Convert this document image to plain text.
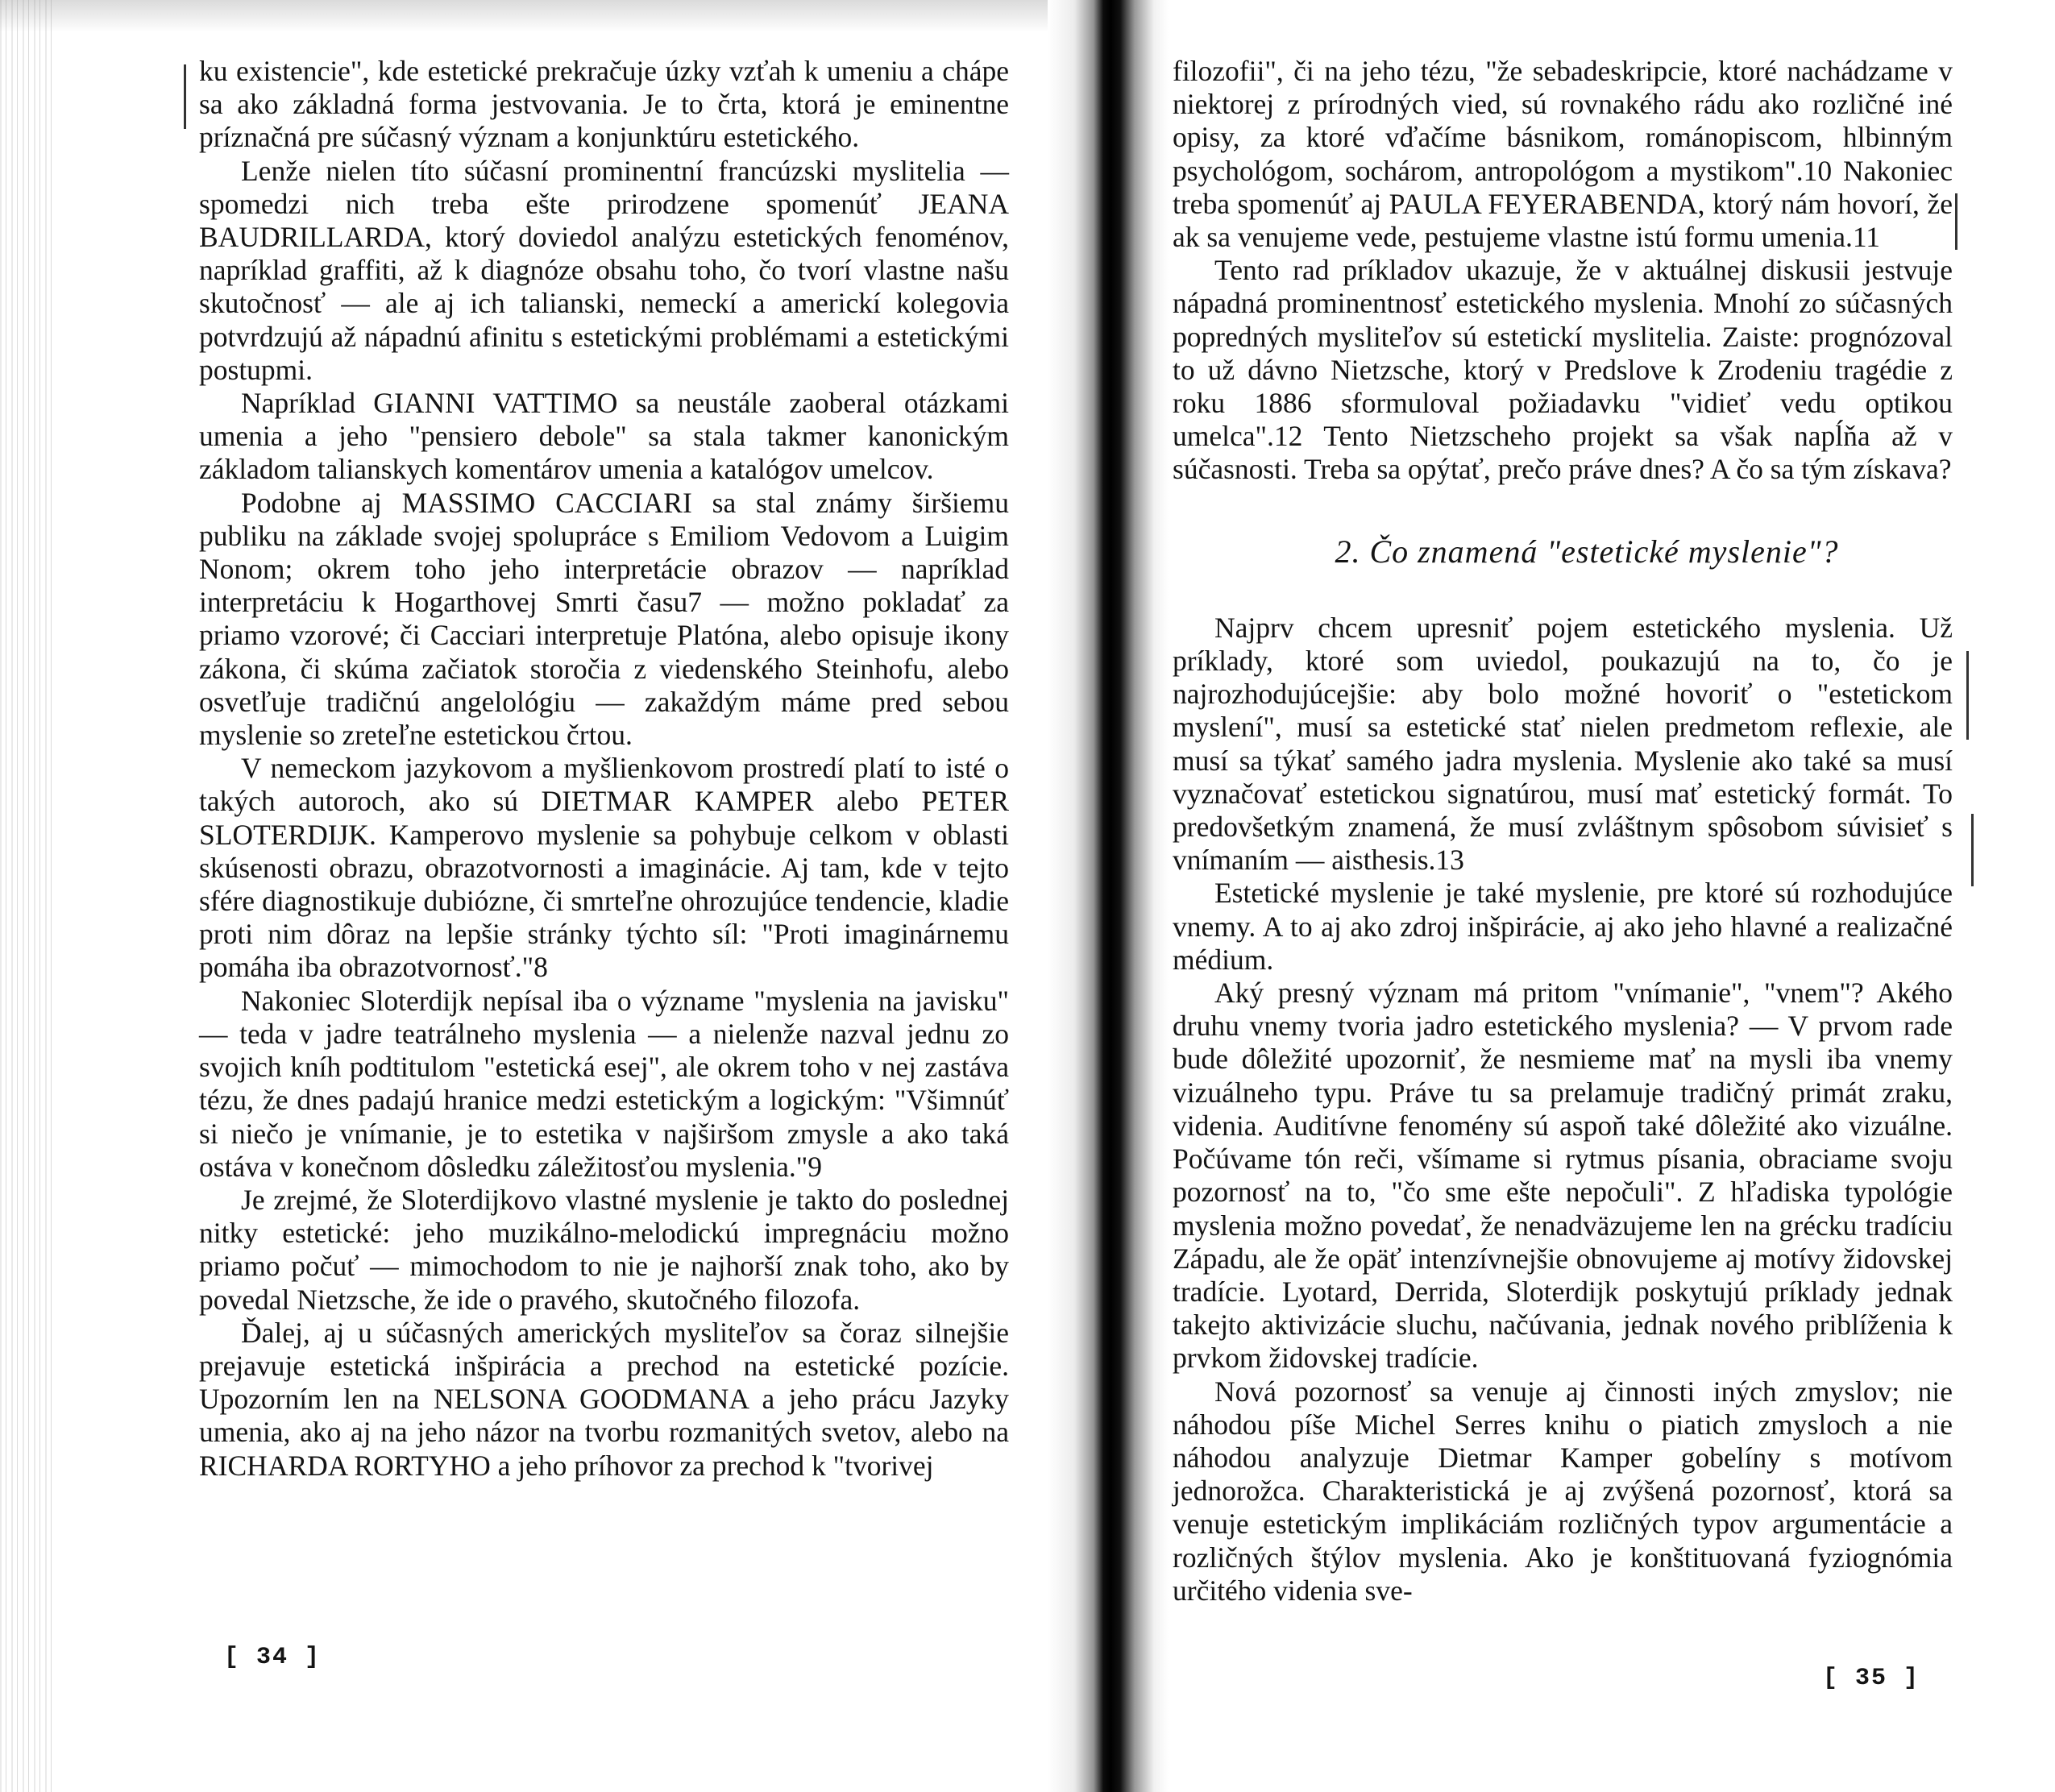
ku existencie", kde estetické prekračuje úzky vzťah k umeniu a chápe sa ako základná forma jestvovania. Je to črta, ktorá je eminentne príznačná pre súčasný význam a konjunktúru estetického.

Lenže nielen títo súčasní prominentní francúzski myslitelia — spomedzi nich treba ešte prirodzene spomenúť JEANA BAUDRILLARDA, ktorý doviedol analýzu estetických fenoménov, napríklad graffiti, až k diagnóze obsahu toho, čo tvorí vlastne našu skutočnosť — ale aj ich talianski, nemeckí a americkí kolegovia potvrdzujú až nápadnú afinitu s estetickými problémami a estetickými postupmi.

Napríklad GIANNI VATTIMO sa neustále zaoberal otázkami umenia a jeho "pensiero debole" sa stala takmer kanonickým základom talianskych komentárov umenia a katalógov umelcov.

Podobne aj MASSIMO CACCIARI sa stal známy širšiemu publiku na základe svojej spolupráce s Emiliom Vedovom a Luigim Nonom; okrem toho jeho interpretácie obrazov — napríklad interpretáciu k Hogarthovej Smrti času7 — možno pokladať za priamo vzorové; či Cacciari interpretuje Platóna, alebo opisuje ikony zákona, či skúma začiatok storočia z viedenského Steinhofu, alebo osvetľuje tradičnú angelológiu — zakaždým máme pred sebou myslenie so zreteľne estetickou črtou.

V nemeckom jazykovom a myšlienkovom prostredí platí to isté o takých autoroch, ako sú DIETMAR KAMPER alebo PETER SLOTERDIJK. Kamperovo myslenie sa pohybuje celkom v oblasti skúsenosti obrazu, obrazotvornosti a imaginácie. Aj tam, kde v tejto sfére diagnostikuje dubiózne, či smrteľne ohrozujúce tendencie, kladie proti nim dôraz na lepšie stránky týchto síl: "Proti imaginárnemu pomáha iba obrazotvornosť."8

Nakoniec Sloterdijk nepísal iba o význame "myslenia na javisku" — teda v jadre teatrálneho myslenia — a nielenže nazval jednu zo svojich kníh podtitulom "estetická esej", ale okrem toho v nej zastáva tézu, že dnes padajú hranice medzi estetickým a logickým: "Všimnúť si niečo je vnímanie, je to estetika v najširšom zmysle a ako taká ostáva v konečnom dôsledku záležitosťou myslenia."9

Je zrejmé, že Sloterdijkovo vlastné myslenie je takto do poslednej nitky estetické: jeho muzikálno-melodickú impregnáciu možno priamo počuť — mimochodom to nie je najhorší znak toho, ako by povedal Nietzsche, že ide o pravého, skutočného filozofa.

Ďalej, aj u súčasných amerických mysliteľov sa čoraz silnejšie prejavuje estetická inšpirácia a prechod na estetické pozície. Upozorním len na NELSONA GOODMANA a jeho prácu Jazyky umenia, ako aj na jeho názor na tvorbu rozmanitých svetov, alebo na RICHARDA RORTYHO a jeho príhovor za prechod k "tvorivej

[ 34 ]

filozofii", či na jeho tézu, "že sebadeskripcie, ktoré nachádzame v niektorej z prírodných vied, sú rovnakého rádu ako rozličné iné opisy, za ktoré vďačíme básnikom, románopiscom, hlbinným psychológom, sochárom, antropológom a mystikom".10 Nakoniec treba spomenúť aj PAULA FEYERABENDA, ktorý nám hovorí, že ak sa venujeme vede, pestujeme vlastne istú formu umenia.11

Tento rad príkladov ukazuje, že v aktuálnej diskusii jestvuje nápadná prominentnosť estetického myslenia. Mnohí zo súčasných popredných mysliteľov sú estetickí myslitelia. Zaiste: prognózoval to už dávno Nietzsche, ktorý v Predslove k Zrodeniu tragédie z roku 1886 sformuloval požiadavku "vidieť vedu optikou umelca".12 Tento Nietzscheho projekt sa však napĺňa až v súčasnosti. Treba sa opýtať, prečo práve dnes? A čo sa tým získava?

2. Čo znamená "estetické myslenie"?

Najprv chcem upresniť pojem estetického myslenia. Už príklady, ktoré som uviedol, poukazujú na to, čo je najrozhodujúcejšie: aby bolo možné hovoriť o "estetickom myslení", musí sa estetické stať nielen predmetom reflexie, ale musí sa týkať samého jadra myslenia. Myslenie ako také sa musí vyznačovať estetickou signatúrou, musí mať estetický formát. To predovšetkým znamená, že musí zvláštnym spôsobom súvisieť s vnímaním — aisthesis.13

Estetické myslenie je také myslenie, pre ktoré sú rozhodujúce vnemy. A to aj ako zdroj inšpirácie, aj ako jeho hlavné a realizačné médium.

Aký presný význam má pritom "vnímanie", "vnem"? Akého druhu vnemy tvoria jadro estetického myslenia? — V prvom rade bude dôležité upozorniť, že nesmieme mať na mysli iba vnemy vizuálneho typu. Práve tu sa prelamuje tradičný primát zraku, videnia. Auditívne fenomény sú aspoň také dôležité ako vizuálne. Počúvame tón reči, všímame si rytmus písania, obraciame svoju pozornosť na to, "čo sme ešte nepočuli". Z hľadiska typológie myslenia možno povedať, že nenadväzujeme len na grécku tradíciu Západu, ale že opäť intenzívnejšie obnovujeme aj motívy židovskej tradície. Lyotard, Derrida, Sloterdijk poskytujú príklady jednak takejto aktivizácie sluchu, načúvania, jednak nového priblíženia k prvkom židovskej tradície.

Nová pozornosť sa venuje aj činnosti iných zmyslov; nie náhodou píše Michel Serres knihu o piatich zmysloch a nie náhodou analyzuje Dietmar Kamper gobelíny s motívom jednorožca. Charakteristická je aj zvýšená pozornosť, ktorá sa venuje estetickým implikáciám rozličných typov argumentácie a rozličných štýlov myslenia. Ako je konštituovaná fyziognómia určitého videnia sve-

[ 35 ]
